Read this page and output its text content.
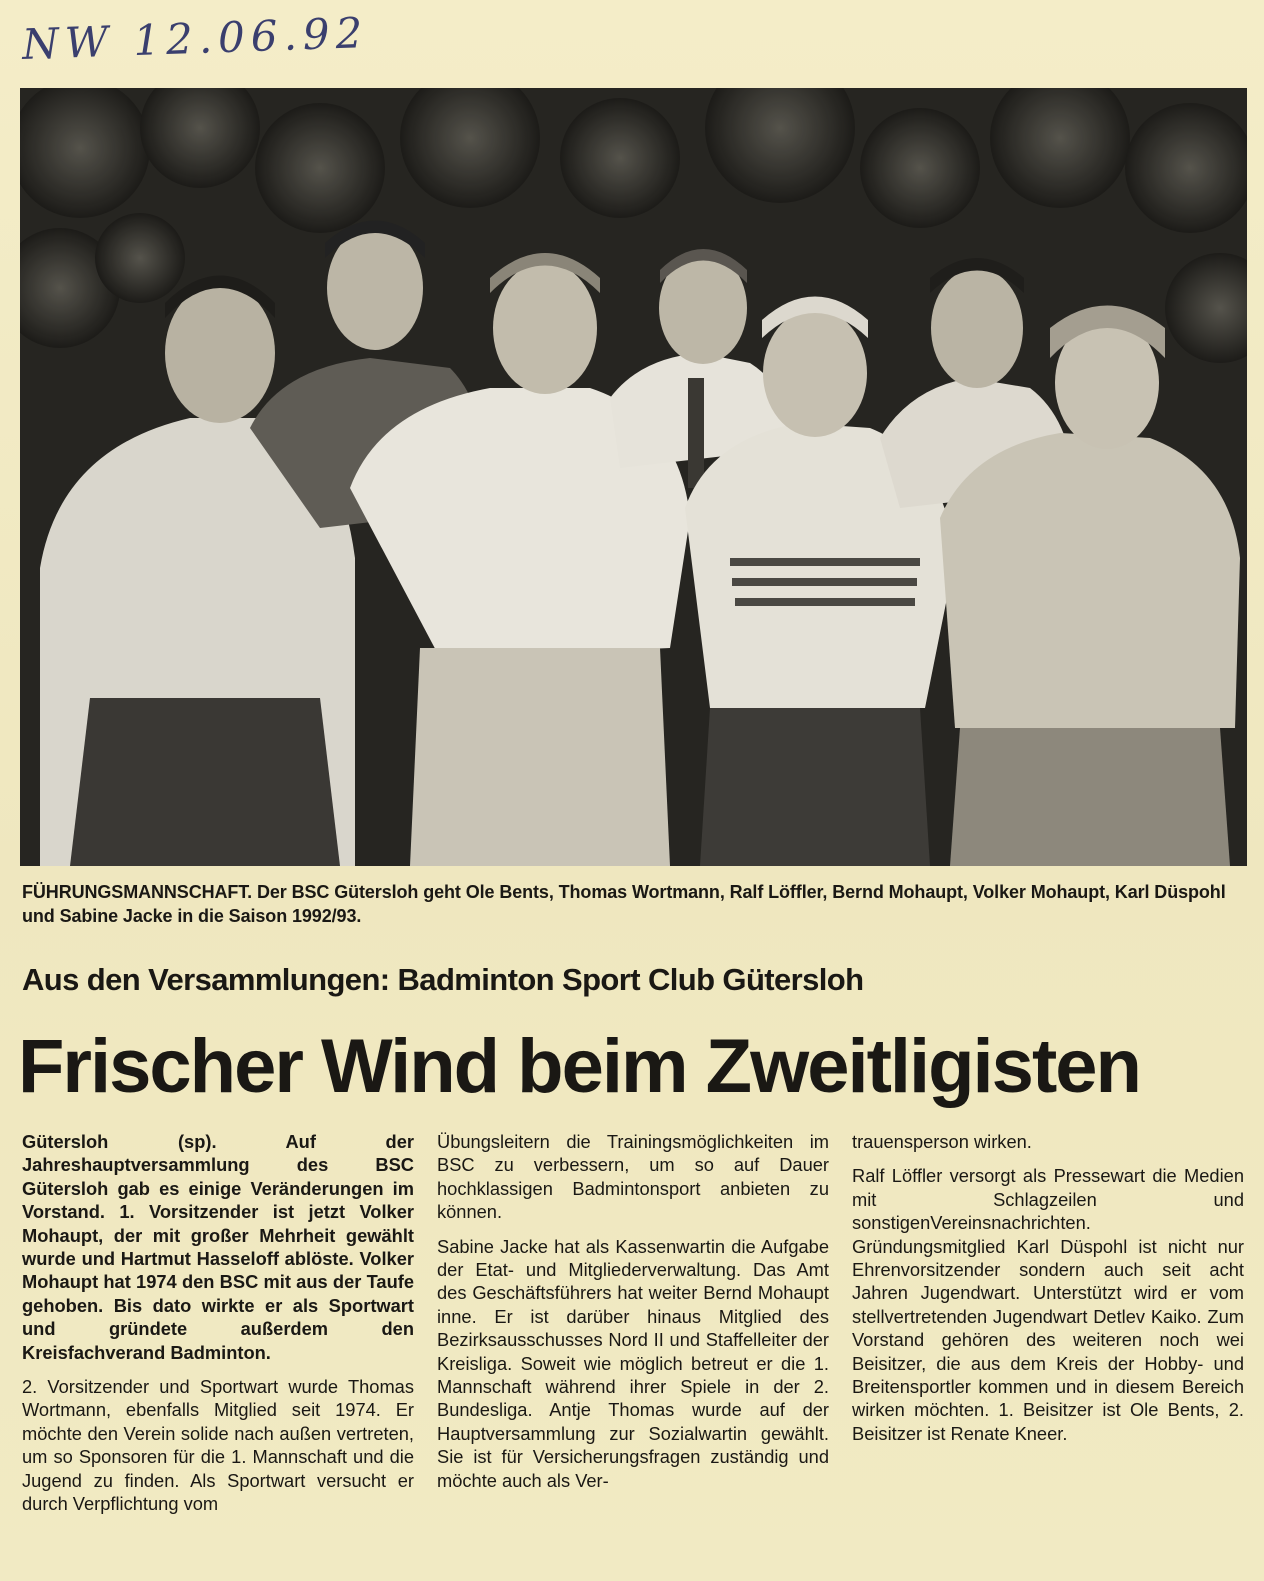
NW 12.06.92
FÜHRUNGSMANNSCHAFT. Der BSC Gütersloh geht Ole Bents, Thomas Wortmann, Ralf Löffler, Bernd Mohaupt, Volker Mohaupt, Karl Düspohl und Sabine Jacke in die Saison 1992/93.
Aus den Versammlungen: Badminton Sport Club Gütersloh
Frischer Wind beim Zweitligisten

Gütersloh (sp). Auf der Jahreshauptversammlung des BSC Gütersloh gab es einige Veränderungen im Vorstand. 1. Vorsitzender ist jetzt Volker Mohaupt, der mit großer Mehrheit gewählt wurde und Hartmut Hasseloff ablöste. Volker Mohaupt hat 1974 den BSC mit aus der Taufe gehoben. Bis dato wirkte er als Sportwart und gründete außerdem den Kreisfachverand Badminton.

2. Vorsitzender und Sportwart wurde Thomas Wortmann, ebenfalls Mitglied seit 1974. Er möchte den Verein solide nach außen vertreten, um so Sponsoren für die 1. Mannschaft und die Jugend zu finden. Als Sportwart versucht er durch Verpflichtung vom

Übungsleitern die Trainingsmöglichkeiten im BSC zu verbessern, um so auf Dauer hochklassigen Badmintonsport anbieten zu können.

Sabine Jacke hat als Kassenwartin die Aufgabe der Etat- und Mitgliederverwaltung. Das Amt des Geschäftsführers hat weiter Bernd Mohaupt inne. Er ist darüber hinaus Mitglied des Bezirksausschusses Nord II und Staffelleiter der Kreisliga. Soweit wie möglich betreut er die 1. Mannschaft während ihrer Spiele in der 2. Bundesliga. Antje Thomas wurde auf der Hauptversammlung zur Sozialwartin gewählt. Sie ist für Versicherungsfragen zuständig und möchte auch als Ver-

trauensperson wirken.

Ralf Löffler versorgt als Pressewart die Medien mit Schlagzeilen und sonstigenVereinsnachrichten. Gründungsmitglied Karl Düspohl ist nicht nur Ehrenvorsitzender sondern auch seit acht Jahren Jugendwart. Unterstützt wird er vom stellvertretenden Jugendwart Detlev Kaiko. Zum Vorstand gehören des weiteren noch wei Beisitzer, die aus dem Kreis der Hobby- und Breitensportler kommen und in diesem Bereich wirken möchten. 1. Beisitzer ist Ole Bents, 2. Beisitzer ist Renate Kneer.
